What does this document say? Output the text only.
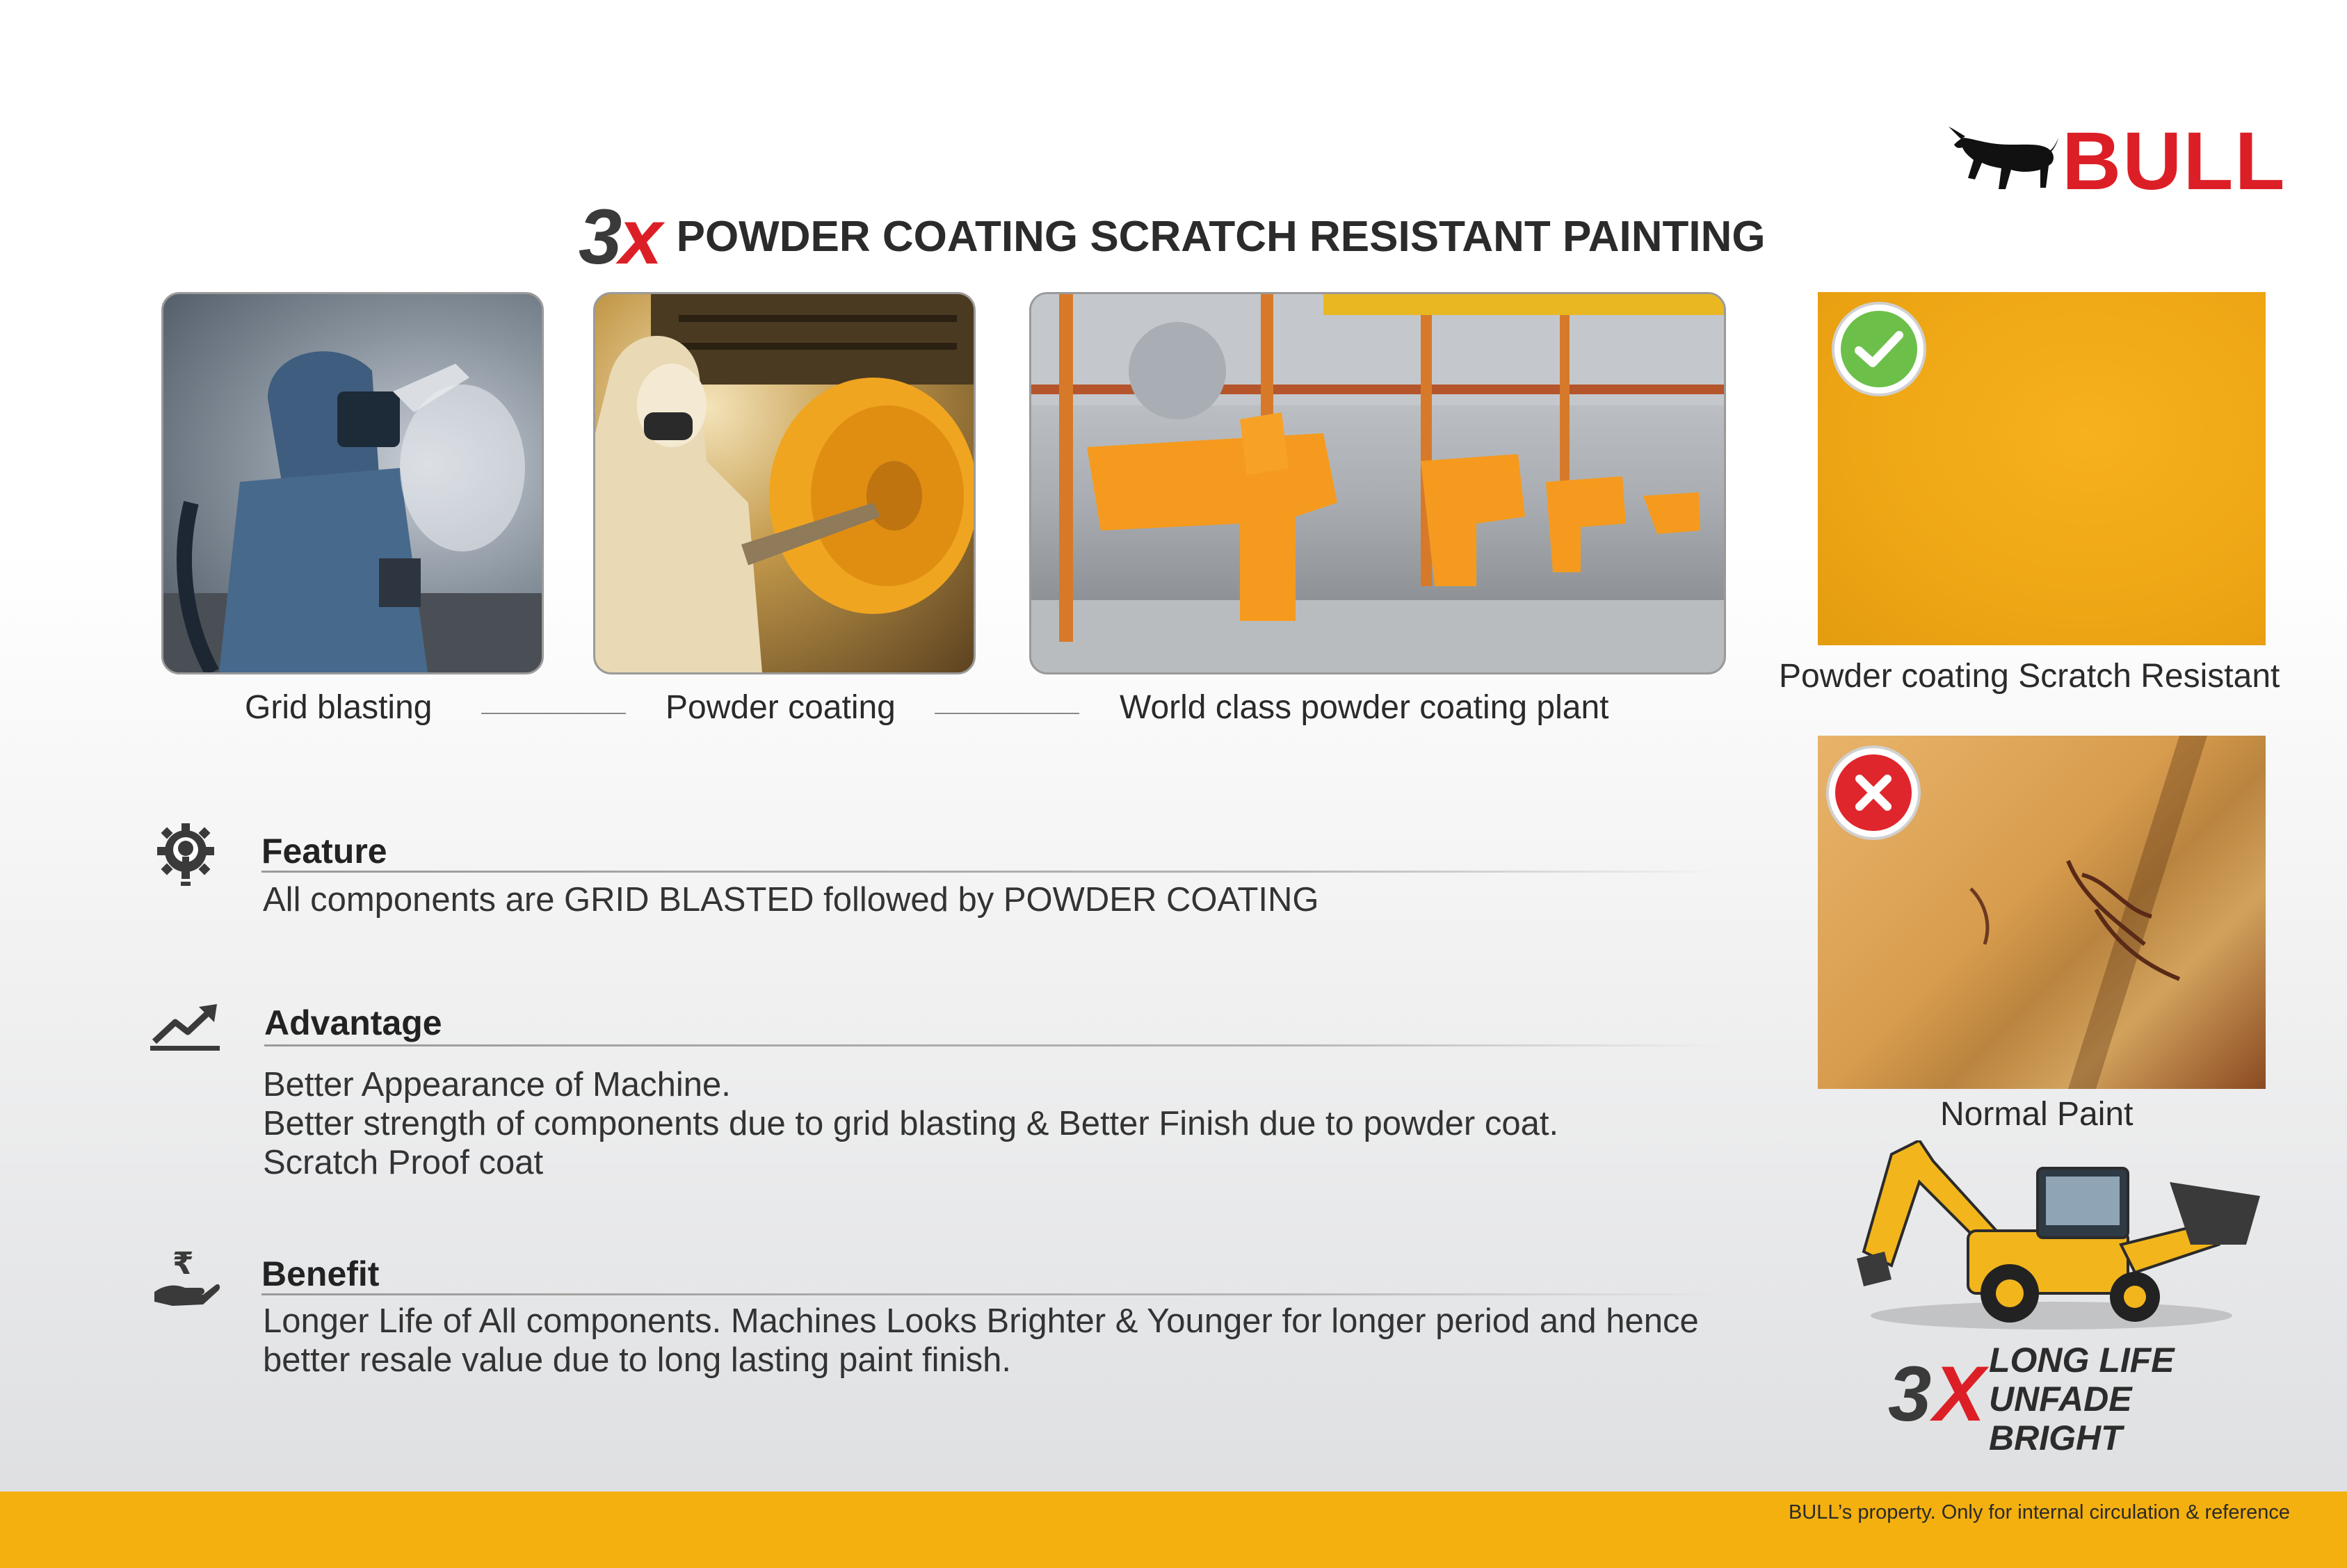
BULL
3
x POWDER COATING SCRATCH RESISTANT PAINTING
Grid blasting	Powder coating	World class powder coating plant
Powder coating Scratch Resistant
Normal Paint
Feature
All components are GRID BLASTED followed by POWDER COATING
Advantage
Better Appearance of Machine.
Better strength of components due to grid blasting & Better Finish due to powder coat.
Scratch Proof coat
₹ Benefit
Longer Life of All components. Machines Looks Brighter & Younger for longer period and hence
better resale value due to long lasting paint finish.	3 X LONG LIFE
UNFADE
BRIGHT
BULL’s property. Only for internal circulation & reference
